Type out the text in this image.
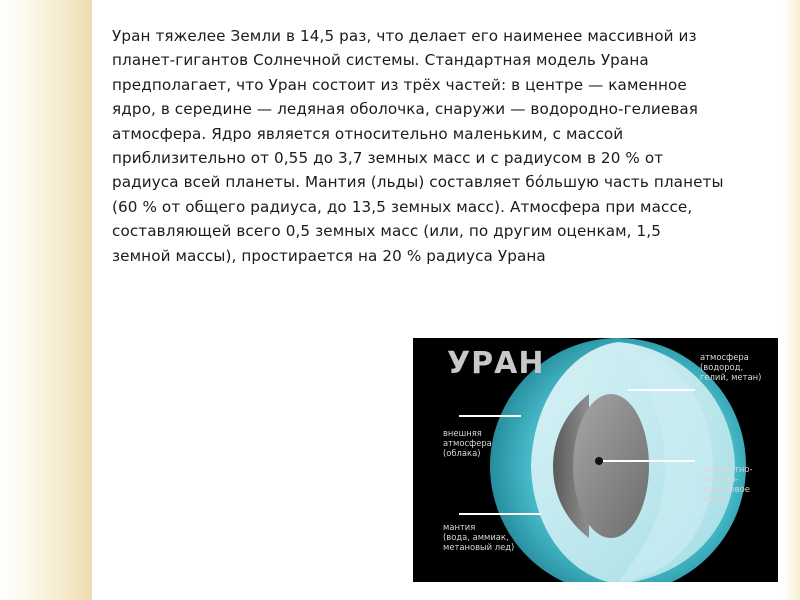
Уран тяжелее Земли в 14,5 раз, что делает его наименее массивной из
планет-гигантов Солнечной системы. Стандартная модель Урана
предполагает, что Уран состоит из трёх частей: в центре — каменное
ядро, в середине — ледяная оболочка, снаружи — водородно-гелиевая
атмосфера. Ядро является относительно маленьким, с массой
приблизительно от 0,55 до 3,7 земных масс и с радиусом в 20 % от
радиуса всей планеты. Мантия (льды) составляет бо́льшую часть планеты
(60 % от общего радиуса, до 13,5 земных масс). Атмосфера при массе,
составляющей всего 0,5 земных масс (или, по другим оценкам, 1,5
земной массы), простирается на 20 % радиуса Урана

УРАН	атмосфера
(водород,
гелий, метан)
внешняя
атмосфера
(облака)
силикатно-
железо-
никелевое
ядро
мантия
(вода, аммиак,
метановый лед)
